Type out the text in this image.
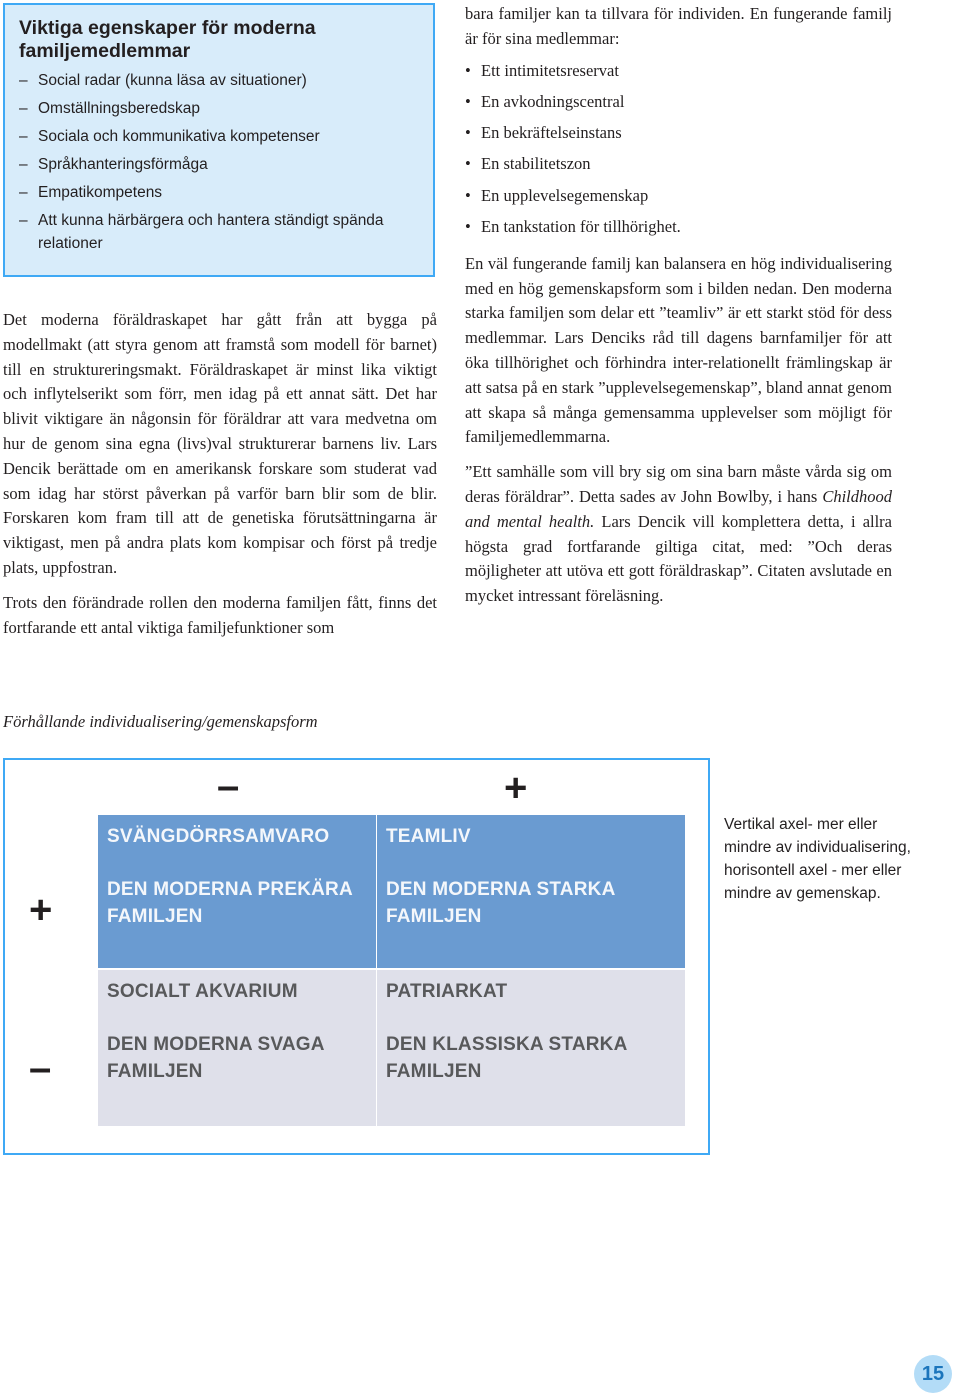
Viktiga egenskaper för moderna familjemedlemmar
– Social radar (kunna läsa av situationer)
– Omställningsberedskap
– Sociala och kommunikativa kompetenser
– Språkhanteringsförmåga
– Empatikompetens
– Att kunna härbärgera och hantera ständigt spända relationer

Det moderna föräldraskapet har gått från att bygga på modellmakt (att styra genom att framstå som modell för barnet) till en struktureringsmakt. Föräldraskapet är minst lika viktigt och inflytelserikt som förr, men idag på ett annat sätt. Det har blivit viktigare än någonsin för föräldrar att vara medvetna om hur de genom sina egna (livs)val strukturerar barnens liv. Lars Dencik berättade om en amerikansk forskare som studerat vad som idag har störst påverkan på varför barn blir som de blir. Forskaren kom fram till att de genetiska förutsättningarna är viktigast, men på andra plats kom kompisar och först på tredje plats, uppfostran.

Trots den förändrade rollen den moderna familjen fått, finns det fortfarande ett antal viktiga familjefunktioner som

bara familjer kan ta tillvara för individen. En fungerande familj är för sina medlemmar:

• Ett intimitetsreservat
• En avkodningscentral
• En bekräftelseinstans
• En stabilitetszon
• En upplevelsegemenskap
• En tankstation för tillhörighet.

En väl fungerande familj kan balansera en hög individualisering med en hög gemenskapsform som i bilden nedan. Den moderna starka familjen som delar ett ”teamliv” är ett starkt stöd för dess medlemmar. Lars Denciks råd till dagens barnfamiljer för att öka tillhörighet och förhindra inter-relationellt främlingskap är att satsa på en stark ”upplevelsegemenskap”, bland annat genom att skapa så många gemensamma upplevelser som möjligt för familjemedlemmarna.

”Ett samhälle som vill bry sig om sina barn måste vårda sig om deras föräldrar”. Detta sades av John Bowlby, i hans Childhood and mental health. Lars Dencik vill komplettera detta, i allra högsta grad fortfarande giltiga citat, med: ”Och deras möjligheter att utöva ett gott föräldraskap”. Citaten avslutade en mycket intressant föreläsning.

Förhållande individualisering/gemenskapsform
–	+
+
–
SVÄNGDÖRRSAMVARO
DEN MODERNA PREKÄRA FAMILJEN
TEAMLIV
DEN MODERNA STARKA FAMILJEN
SOCIALT AKVARIUM
DEN MODERNA SVAGA FAMILJEN
PATRIARKAT
DEN KLASSISKA STARKA FAMILJEN
Vertikal axel- mer eller mindre av individualisering, horisontell axel - mer eller mindre av gemenskap.
15
